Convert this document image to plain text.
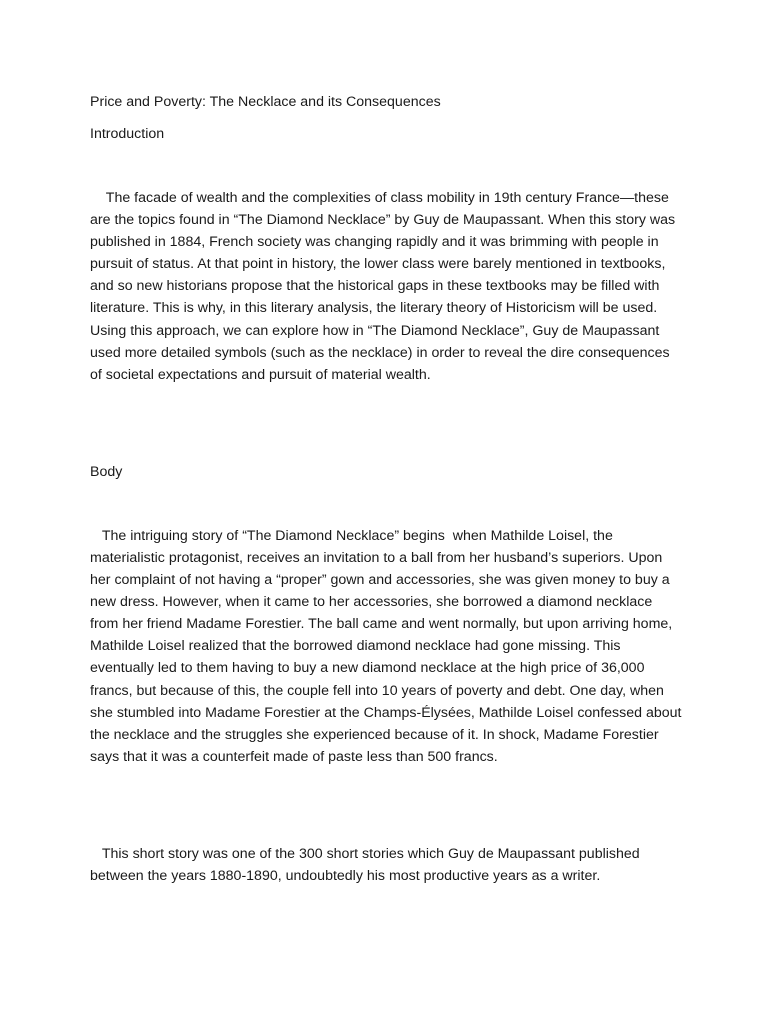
Price and Poverty: The Necklace and its Consequences

Introduction

The facade of wealth and the complexities of class mobility in 19th century France—these are the topics found in “The Diamond Necklace” by Guy de Maupassant. When this story was published in 1884, French society was changing rapidly and it was brimming with people in pursuit of status. At that point in history, the lower class were barely mentioned in textbooks, and so new historians propose that the historical gaps in these textbooks may be filled with literature. This is why, in this literary analysis, the literary theory of Historicism will be used. Using this approach, we can explore how in “The Diamond Necklace”, Guy de Maupassant used more detailed symbols (such as the necklace) in order to reveal the dire consequences of societal expectations and pursuit of material wealth.

Body

The intriguing story of “The Diamond Necklace” begins  when Mathilde Loisel, the materialistic protagonist, receives an invitation to a ball from her husband’s superiors. Upon her complaint of not having a “proper” gown and accessories, she was given money to buy a new dress. However, when it came to her accessories, she borrowed a diamond necklace from her friend Madame Forestier. The ball came and went normally, but upon arriving home, Mathilde Loisel realized that the borrowed diamond necklace had gone missing. This eventually led to them having to buy a new diamond necklace at the high price of 36,000 francs, but because of this, the couple fell into 10 years of poverty and debt. One day, when she stumbled into Madame Forestier at the Champs-Élysées, Mathilde Loisel confessed about the necklace and the struggles she experienced because of it. In shock, Madame Forestier says that it was a counterfeit made of paste less than 500 francs.

This short story was one of the 300 short stories which Guy de Maupassant published between the years 1880-1890, undoubtedly his most productive years as a writer.
